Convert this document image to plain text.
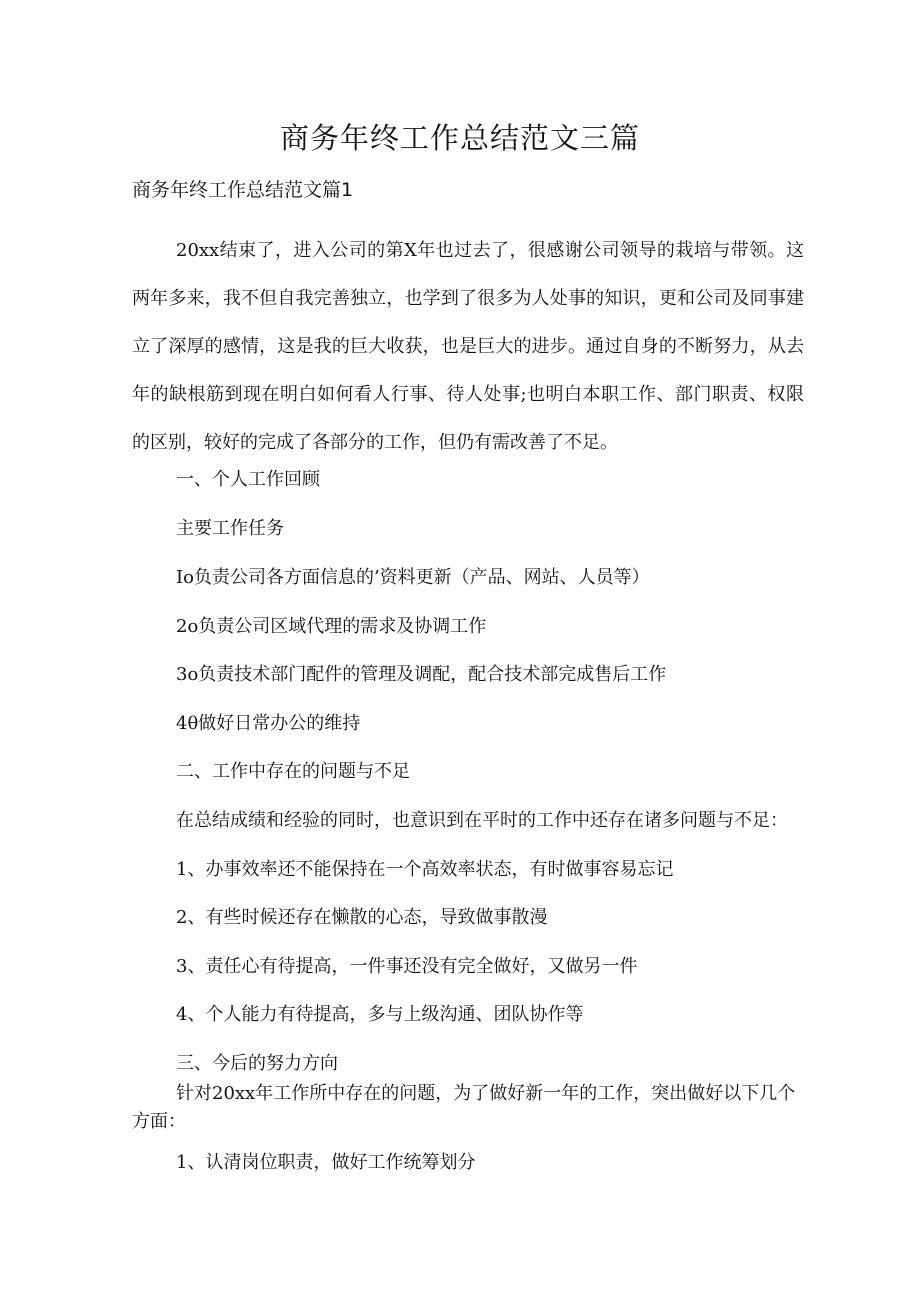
商务年终工作总结范文三篇
商务年终工作总结范文篇1

20xx结束了，进入公司的第X年也过去了，很感谢公司领导的栽培与带领。这两年多来，我不但自我完善独立，也学到了很多为人处事的知识，更和公司及同事建立了深厚的感情，这是我的巨大收获，也是巨大的进步。通过自身的不断努力，从去年的缺根筋到现在明白如何看人行事、待人处事;也明白本职工作、部门职责、权限的区别，较好的完成了各部分的工作，但仍有需改善了不足。

一、个人工作回顾

主要工作任务

Io负责公司各方面信息的’资料更新（产品、网站、人员等）

2o负责公司区域代理的需求及协调工作

3o负责技术部门配件的管理及调配，配合技术部完成售后工作

4θ做好日常办公的维持

二、工作中存在的问题与不足

在总结成绩和经验的同时，也意识到在平时的工作中还存在诸多问题与不足：

1、办事效率还不能保持在一个高效率状态，有时做事容易忘记

2、有些时候还存在懒散的心态，导致做事散漫

3、责任心有待提高，一件事还没有完全做好，又做另一件

4、个人能力有待提高，多与上级沟通、团队协作等

三、今后的努力方向

针对20xx年工作所中存在的问题，为了做好新一年的工作，突出做好以下几个方面：

1、认清岗位职责，做好工作统筹划分
